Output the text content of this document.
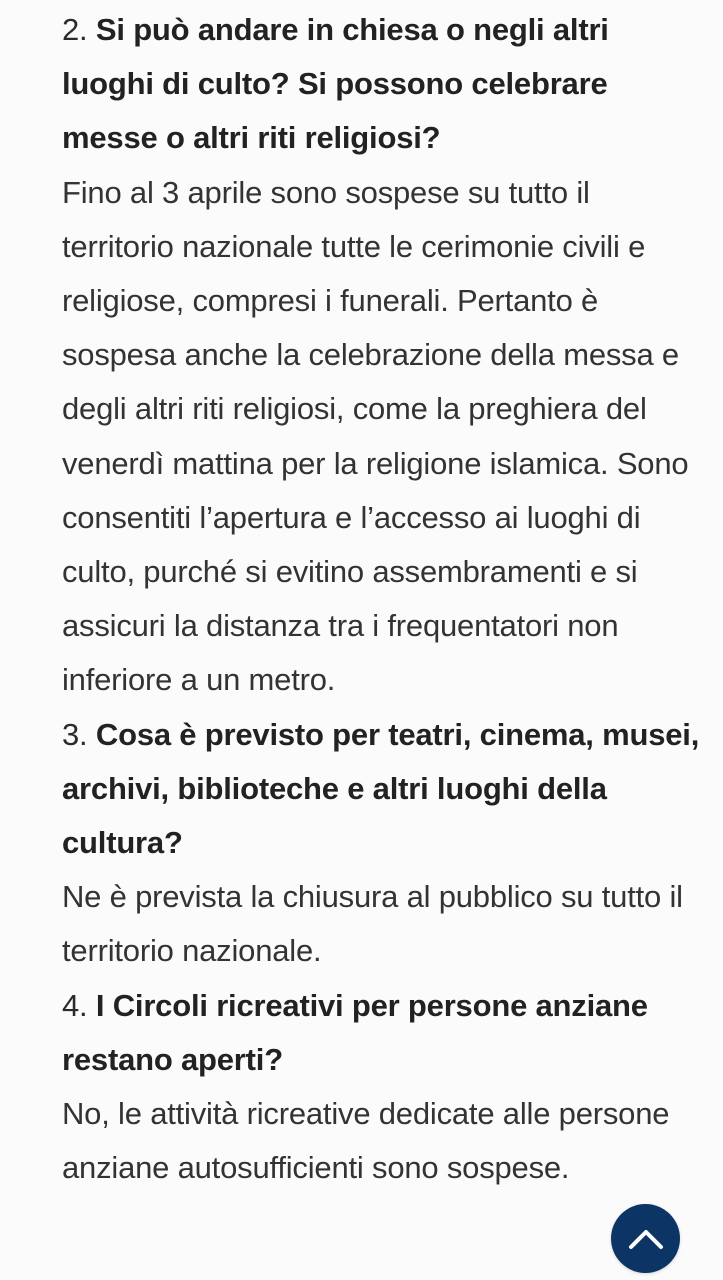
2. Si può andare in chiesa o negli altri luoghi di culto? Si possono celebrare messe o altri riti religiosi?

Fino al 3 aprile sono sospese su tutto il territorio nazionale tutte le cerimonie civili e religiose, compresi i funerali. Pertanto è sospesa anche la celebrazione della messa e degli altri riti religiosi, come la preghiera del venerdì mattina per la religione islamica. Sono consentiti l’apertura e l’accesso ai luoghi di culto, purché si evitino assembramenti e si assicuri la distanza tra i frequentatori non inferiore a un metro.

3. Cosa è previsto per teatri, cinema, musei, archivi, biblioteche e altri luoghi della cultura?

Ne è prevista la chiusura al pubblico su tutto il territorio nazionale.

4. I Circoli ricreativi per persone anziane restano aperti?

No, le attività ricreative dedicate alle persone anziane autosufficienti sono sospese.
